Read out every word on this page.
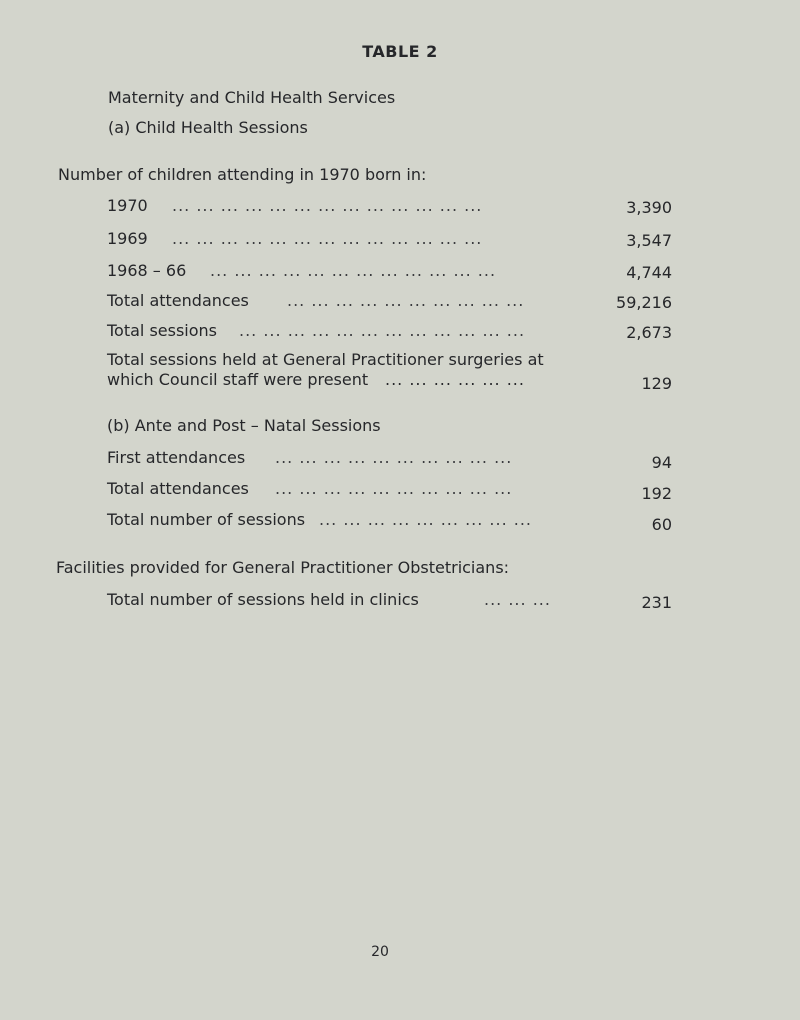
TABLE 2
Maternity and Child Health Services
(a) Child Health Sessions
Number of children attending in 1970 born in:
1970	... ... ... ... ... ... ... ... ... ... ... ... ...	3,390
1969	... ... ... ... ... ... ... ... ... ... ... ... ...	3,547
1968 – 66	... ... ... ... ... ... ... ... ... ... ... ...	4,744
Total attendances	... ... ... ... ... ... ... ... ... ...	59,216
Total sessions	... ... ... ... ... ... ... ... ... ... ... ...	2,673
Total sessions held at General Practitioner surgeries at
which Council staff were present ... ... ... ... ... ...	129
(b) Ante and Post – Natal Sessions
First attendances	... ... ... ... ... ... ... ... ... ...	94
Total attendances	... ... ... ... ... ... ... ... ... ...	192
Total number of sessions ... ... ... ... ... ... ... ... ...	60
Facilities provided for General Practitioner Obstetricians:
Total number of sessions held in clinics	... ... ...	231
20
